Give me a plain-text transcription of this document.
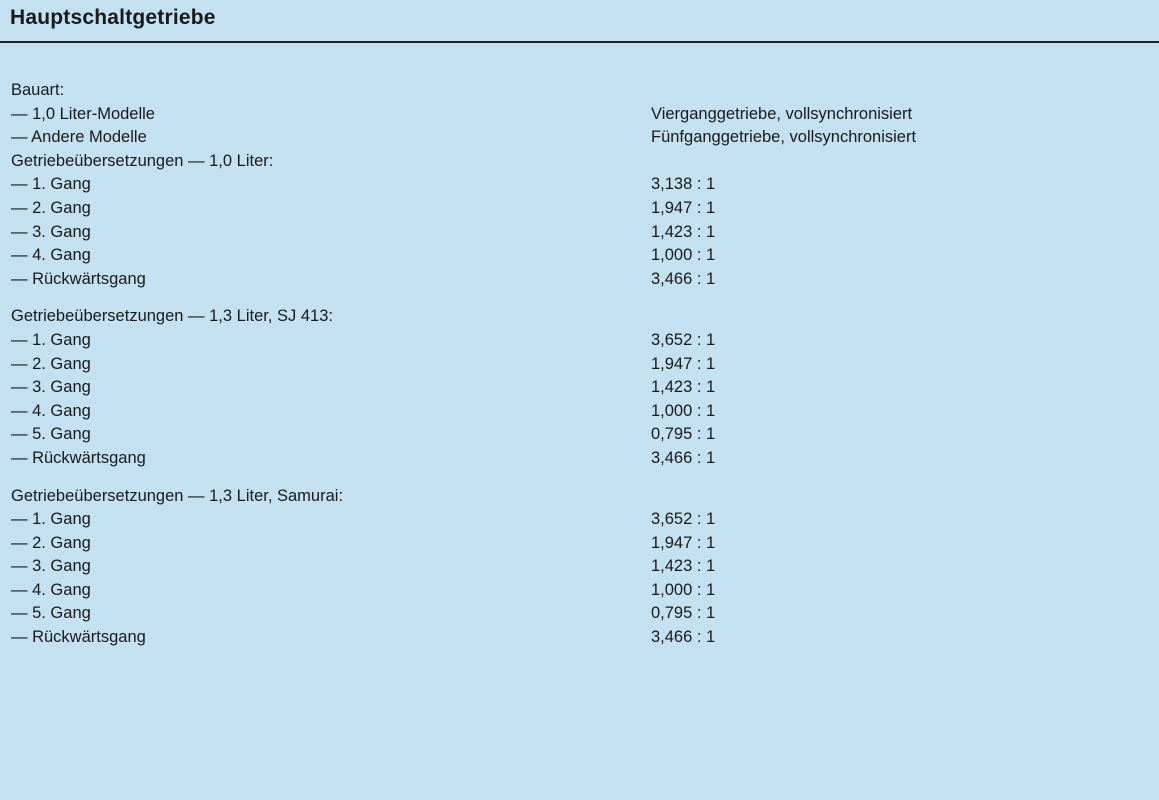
Hauptschaltgetriebe
Bauart:
— 1,0 Liter-Modelle	Vierganggetriebe, vollsynchronisiert
— Andere Modelle	Fünfganggetriebe, vollsynchronisiert
Getriebeübersetzungen — 1,0 Liter:
— 1. Gang	3,138 : 1
— 2. Gang	1,947 : 1
— 3. Gang	1,423 : 1
— 4. Gang	1,000 : 1
— Rückwärtsgang	3,466 : 1
Getriebeübersetzungen — 1,3 Liter, SJ 413:
— 1. Gang	3,652 : 1
— 2. Gang	1,947 : 1
— 3. Gang	1,423 : 1
— 4. Gang	1,000 : 1
— 5. Gang	0,795 : 1
— Rückwärtsgang	3,466 : 1
Getriebeübersetzungen — 1,3 Liter, Samurai:
— 1. Gang	3,652 : 1
— 2. Gang	1,947 : 1
— 3. Gang	1,423 : 1
— 4. Gang	1,000 : 1
— 5. Gang	0,795 : 1
— Rückwärtsgang	3,466 : 1
